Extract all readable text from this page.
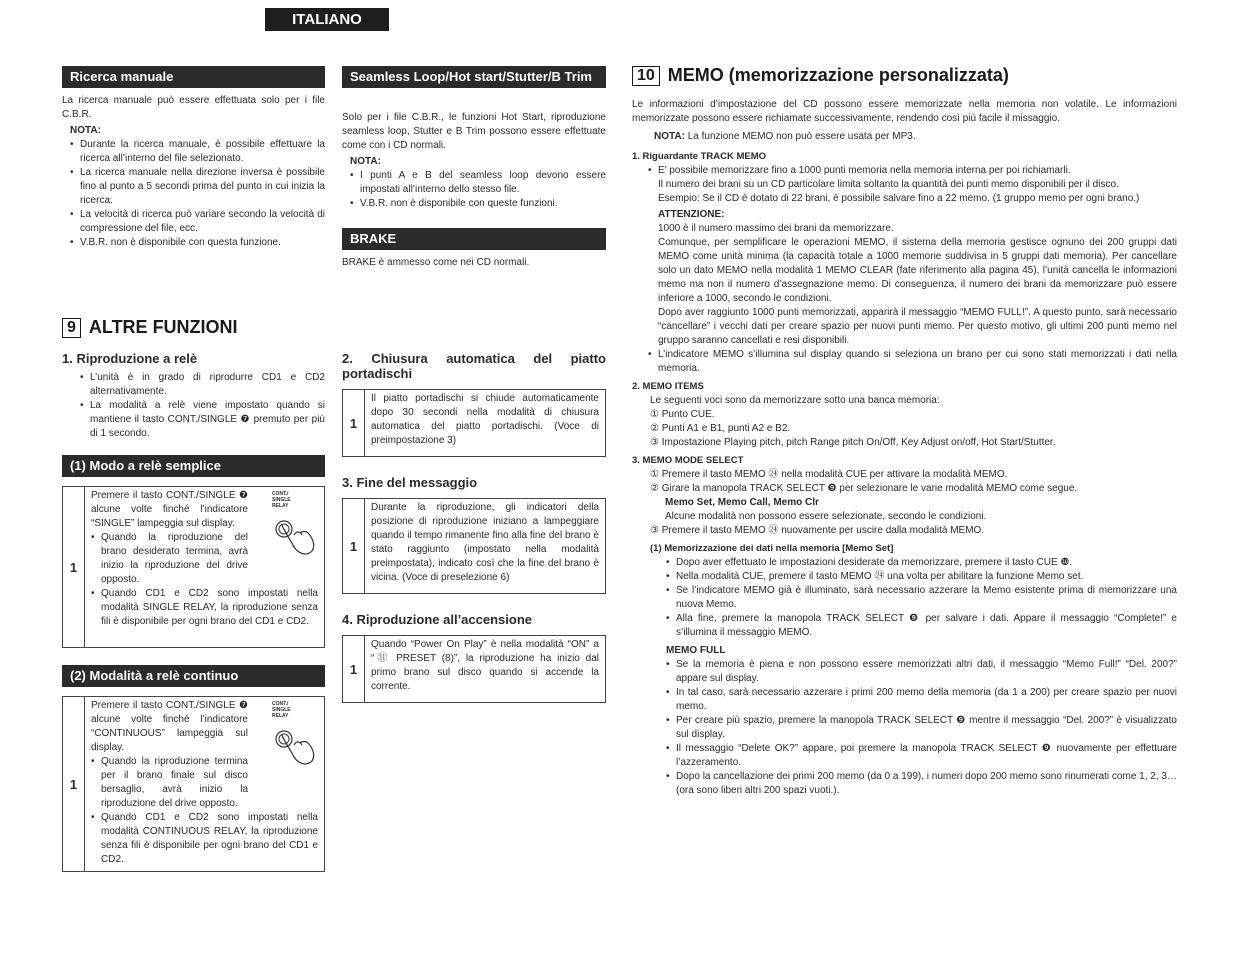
ITALIANO
Ricerca manuale

La ricerca manuale può essere effettuata solo per i file C.B.R.

NOTA:
• Durante la ricerca manuale, è possibile effettuare la ricerca all’interno del file selezionato.
• La ricerca manuale nella direzione inversa è possibile fino al punto a 5 secondi prima del punto in cui inizia la ricerca.
• La velocità di ricerca può variare secondo la velocità di compressione del file, ecc.
• V.B.R. non è disponibile con questa funzione.
9 ALTRE FUNZIONI
1. Riproduzione a relè
• L’unità è in grado di riprodurre CD1 e CD2 alternativamente.
• La modalità a relè viene impostato quando si mantiene il tasto CONT./SINGLE ❼ premuto per più di 1 secondo.
(1) Modo a relè semplice
1
Premere il tasto CONT./SINGLE ❼ alcune volte finché l’indicatore “SINGLE” lampeggia sul display.
• Quando la riproduzione del brano desiderato termina, avrà inizio la riproduzione del drive opposto.
• Quando CD1 e CD2 sono impostati nella modalità SINGLE RELAY, la riproduzione senza fili è disponibile per ogni brano del CD1 e CD2.
CONT./
SINGLE
RELAY
(2) Modalità a relè continuo
1
Premere il tasto CONT./SINGLE ❼ alcune volte finché l’indicatore “CONTINUOUS” lampeggia sul display.
• Quando la riproduzione termina per il brano finale sul disco bersaglio, avrà inizio la riproduzione del drive opposto.
• Quando CD1 e CD2 sono impostati nella modalità CONTINUOUS RELAY, la riproduzione senza fili è disponibile per ogni brano del CD1 e CD2.
CONT./
SINGLE
RELAY
Seamless Loop/Hot start/Stutter/B Trim

Solo per i file C.B.R., le funzioni Hot Start, riproduzione seamless loop, Stutter e B Trim possono essere effettuate come con i CD normali.

NOTA:
• I punti A e B del seamless loop devono essere impostati all’interno dello stesso file.
• V.B.R. non è disponibile con queste funzioni.
BRAKE
BRAKE è ammesso come nei CD normali.
2. Chiusura automatica del piatto portadischi
1
Il piatto portadischi si chiude automaticamente dopo 30 secondi nella modalità di chiusura automatica del piatto portadischi. (Voce di preimpostazione 3)
3. Fine del messaggio
1
Durante la riproduzione, gli indicatori della posizione di riproduzione iniziano a lampeggiare quando il tempo rimanente fino alla fine del brano è stato raggiunto (impostato nella modalità preimpostata), indicato così che la fine del brano è vicina. (Voce di preselezione 6)
4. Riproduzione all’accensione
1
Quando “Power On Play” è nella modalità “ON” a “⑪ PRESET (8)”, la riproduzione ha inizio dal primo brano sul disco quando si accende la corrente.
10 MEMO (memorizzazione personalizzata)

Le informazioni d’impostazione del CD possono essere memorizzate nella memoria non volatile. Le informazioni memorizzate possono essere richiamate successivamente, rendendo così più facile il missaggio.

NOTA: La funzione MEMO non può essere usata per MP3.

1. Riguardante TRACK MEMO
• E’ possibile memorizzare fino a 1000 punti memoria nella memoria interna per poi richiamarli.

Il numero dei brani su un CD particolare limita soltanto la quantità dei punti memo disponibili per il disco.

Esempio: Se il CD è dotato di 22 brani, è possibile salvare fino a 22 memo. (1 gruppo memo per ogni brano.)

ATTENZIONE:

1000 è il numero massimo dei brani da memorizzare.

Comunque, per semplificare le operazioni MEMO, il sistema della memoria gestisce ognuno dei 200 gruppi dati MEMO come unità minima (la capacità totale a 1000 memorie suddivisa in 5 gruppi dati memoria). Per cancellare solo un dato MEMO nella modalità 1 MEMO CLEAR (fate riferimento alla pagina 45), l’unità cancella le informazioni memo ma non il numero d’assegnazione memo. Di conseguenza, il numero dei brani da memorizzare può essere inferiore a 1000, secondo le condizioni.

Dopo aver raggiunto 1000 punti memorizzati, apparirà il messaggio “MEMO FULL!”. A questo punto, sarà necessario “cancellare” i vecchi dati per creare spazio per nuovi punti memo. Per questo motivo, gli ultimi 200 punti memo nel gruppo saranno cancellati e resi disponibili.

• L’indicatore MEMO s’illumina sul display quando si seleziona un brano per cui sono stati memorizzati i dati nella memoria.
2. MEMO ITEMS

Le seguenti voci sono da memorizzare sotto una banca memoria:

① Punto CUE.

② Punti A1 e B1, punti A2 e B2.

③ Impostazione Playing pitch, pitch Range pitch On/Off, Key Adjust on/off, Hot Start/Stutter.

3. MEMO MODE SELECT

① Premere il tasto MEMO ㉔ nella modalità CUE per attivare la modalità MEMO.

② Girare la manopola TRACK SELECT ❾ per selezionare le varie modalità MEMO come segue.

Memo Set, Memo Call, Memo Clr

Alcune modalità non possono essere selezionate, secondo le condizioni.

③ Premere il tasto MEMO ㉔ nuovamente per uscire dalla modalità MEMO.

(1) Memorizzazione dei dati nella memoria [Memo Set]
• Dopo aver effettuato le impostazioni desiderate da memorizzare, premere il tasto CUE ❿.
• Nella modalità CUE, premere il tasto MEMO ㉔ una volta per abilitare la funzione Memo set.
• Se l’indicatore MEMO già è illuminato, sarà necessario azzerare la Memo esistente prima di memorizzare una nuova Memo.
• Alla fine, premere la manopola TRACK SELECT ❾ per salvare i dati. Appare il messaggio “Complete!” e s’illumina il messaggio MEMO.
MEMO FULL
• Se la memoria è piena e non possono essere memorizzati altri dati, il messaggio “Memo Full!” “Del. 200?” appare sul display.
• In tal caso, sarà necessario azzerare i primi 200 memo della memoria (da 1 a 200) per creare spazio per nuovi memo.
• Per creare più spazio, premere la manopola TRACK SELECT ❾ mentre il messaggio “Del. 200?” è visualizzato sul display.
• Il messaggio “Delete OK?” appare, poi premere la manopola TRACK SELECT ❾ nuovamente per effettuare l’azzeramento.
• Dopo la cancellazione dei primi 200 memo (da 0 a 199), i numeri dopo 200 memo sono rinumerati come 1, 2, 3… (ora sono liberi altri 200 spazi vuoti.).
